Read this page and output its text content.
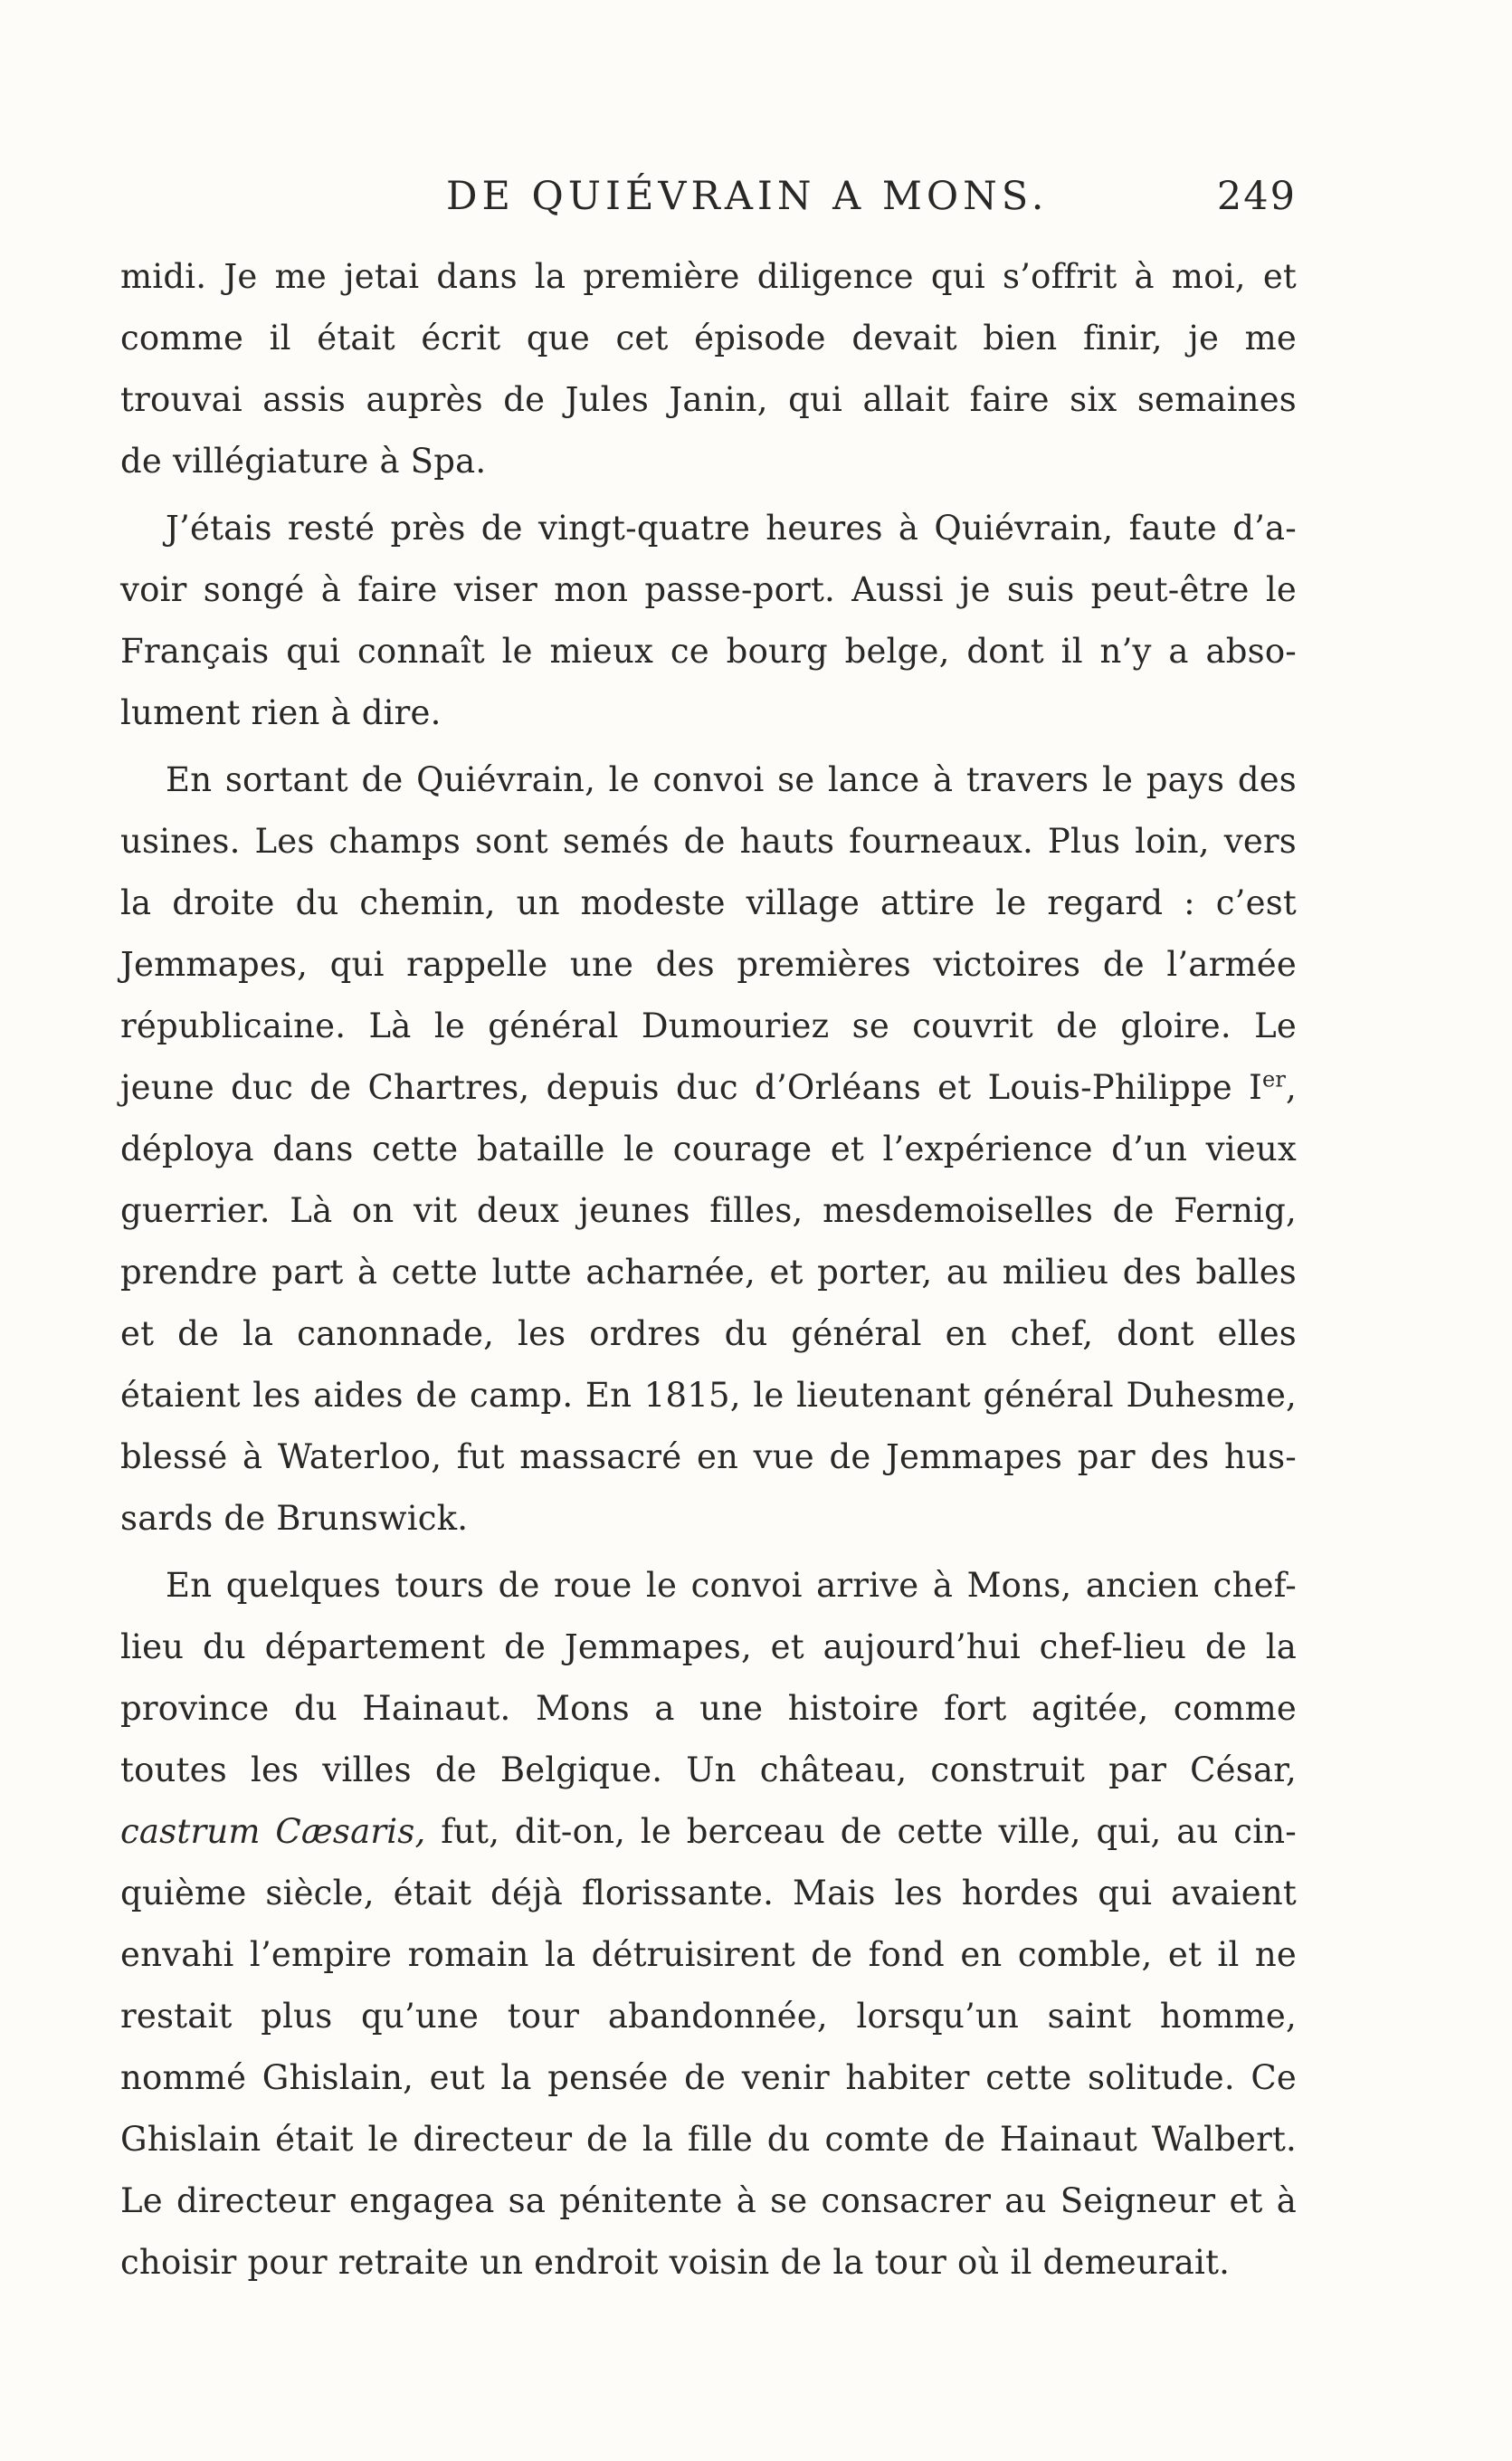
DE QUIÉVRAIN A MONS.	249
midi. Je me jetai dans la première diligence qui s’offrit à moi, et
comme il était écrit que cet épisode devait bien finir, je me
trouvai assis auprès de Jules Janin, qui allait faire six semaines
de villégiature à Spa.
J’étais resté près de vingt-quatre heures à Quiévrain, faute d’a-
voir songé à faire viser mon passe-port. Aussi je suis peut-être le
Français qui connaît le mieux ce bourg belge, dont il n’y a abso-
lument rien à dire.
En sortant de Quiévrain, le convoi se lance à travers le pays des
usines. Les champs sont semés de hauts fourneaux. Plus loin, vers
la droite du chemin, un modeste village attire le regard : c’est
Jemmapes, qui rappelle une des premières victoires de l’armée
républicaine. Là le général Dumouriez se couvrit de gloire. Le
jeune duc de Chartres, depuis duc d’Orléans et Louis-Philippe Ier,
déploya dans cette bataille le courage et l’expérience d’un vieux
guerrier. Là on vit deux jeunes filles, mesdemoiselles de Fernig,
prendre part à cette lutte acharnée, et porter, au milieu des balles
et de la canonnade, les ordres du général en chef, dont elles
étaient les aides de camp. En 1815, le lieutenant général Duhesme,
blessé à Waterloo, fut massacré en vue de Jemmapes par des hus-
sards de Brunswick.
En quelques tours de roue le convoi arrive à Mons, ancien chef-
lieu du département de Jemmapes, et aujourd’hui chef-lieu de la
province du Hainaut. Mons a une histoire fort agitée, comme
toutes les villes de Belgique. Un château, construit par César,
castrum Cæsaris, fut, dit-on, le berceau de cette ville, qui, au cin-
quième siècle, était déjà florissante. Mais les hordes qui avaient
envahi l’empire romain la détruisirent de fond en comble, et il ne
restait plus qu’une tour abandonnée, lorsqu’un saint homme,
nommé Ghislain, eut la pensée de venir habiter cette solitude. Ce
Ghislain était le directeur de la fille du comte de Hainaut Walbert.
Le directeur engagea sa pénitente à se consacrer au Seigneur et à
choisir pour retraite un endroit voisin de la tour où il demeurait.
